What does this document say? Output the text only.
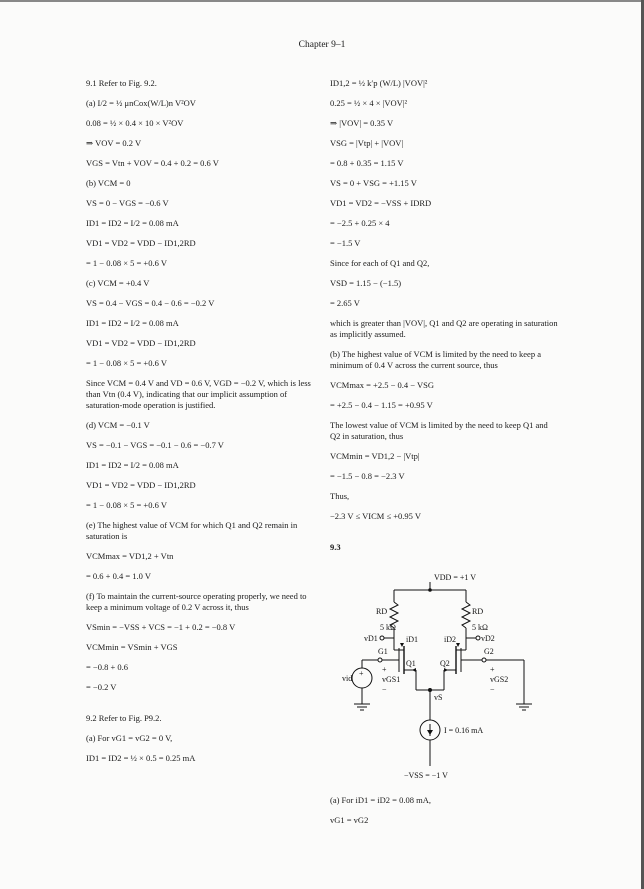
Chapter 9–1
9.1 Refer to Fig. 9.2.
(a) I/2 = ½ μnCox(W/L)n V²OV
0.08 = ½ × 0.4 × 10 × V²OV
⇒ VOV = 0.2 V
VGS = Vtn + VOV = 0.4 + 0.2 = 0.6 V
(b) VCM = 0
VS = 0 − VGS = −0.6 V
ID1 = ID2 = I/2 = 0.08 mA
VD1 = VD2 = VDD − ID1,2RD
= 1 − 0.08 × 5 = +0.6 V
(c) VCM = +0.4 V
VS = 0.4 − VGS = 0.4 − 0.6 = −0.2 V
ID1 = ID2 = I/2 = 0.08 mA
VD1 = VD2 = VDD − ID1,2RD
= 1 − 0.08 × 5 = +0.6 V
Since VCM = 0.4 V and VD = 0.6 V, VGD = −0.2 V, which is less than Vtn (0.4 V), indicating that our implicit assumption of saturation-mode operation is justified.
(d) VCM = −0.1 V
VS = −0.1 − VGS = −0.1 − 0.6 = −0.7 V
ID1 = ID2 = I/2 = 0.08 mA
VD1 = VD2 = VDD − ID1,2RD
= 1 − 0.08 × 5 = +0.6 V
(e) The highest value of VCM for which Q1 and Q2 remain in saturation is
VCMmax = VD1,2 + Vtn
= 0.6 + 0.4 = 1.0 V
(f) To maintain the current-source operating properly, we need to keep a minimum voltage of 0.2 V across it, thus
VSmin = −VSS + VCS = −1 + 0.2 = −0.8 V
VCMmin = VSmin + VGS
= −0.8 + 0.6
= −0.2 V
9.2 Refer to Fig. P9.2.
(a) For vG1 = vG2 = 0 V,
ID1 = ID2 = ½ × 0.5 = 0.25 mA
ID1,2 = ½ k′p (W/L) |VOV|²
0.25 = ½ × 4 × |VOV|²
⇒ |VOV| = 0.35 V
VSG = |Vtp| + |VOV|
= 0.8 + 0.35 = 1.15 V
VS = 0 + VSG = +1.15 V
VD1 = VD2 = −VSS + IDRD
= −2.5 + 0.25 × 4
= −1.5 V
Since for each of Q1 and Q2,
VSD = 1.15 − (−1.5)
= 2.65 V
which is greater than |VOV|, Q1 and Q2 are operating in saturation as implicitly assumed.
(b) The highest value of VCM is limited by the need to keep a minimum of 0.4 V across the current source, thus
VCMmax = +2.5 − 0.4 − VSG
= +2.5 − 0.4 − 1.15 = +0.95 V
The lowest value of VCM is limited by the need to keep Q1 and Q2 in saturation, thus
VCMmin = VD1,2 − |Vtp|
= −1.5 − 0.8 = −2.3 V
Thus,
−2.3 V ≤ VICM ≤ +0.95 V
9.3
VDD = +1 V
RD
5 kΩ
RD
5 kΩ
vD1	vD2
iD1	iD2
G1	G2
Q1	Q2
vid
+ +
vGS1
−
+
vGS2
−
vS
I = 0.16 mA
−VSS = −1 V
(a) For iD1 = iD2 = 0.08 mA,
vG1 = vG2
